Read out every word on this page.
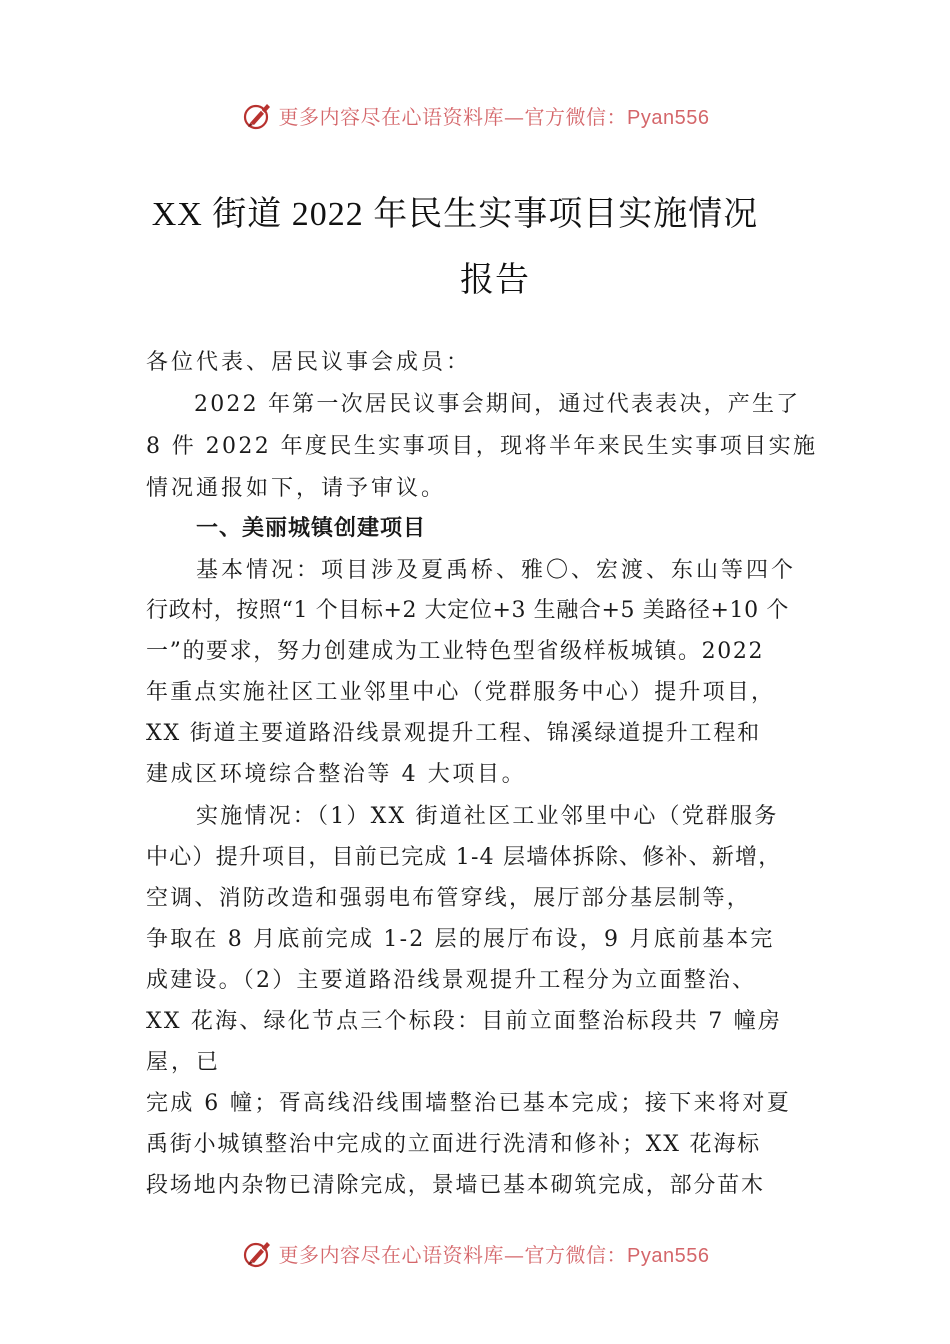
更多内容尽在心语资料库—官方微信：Pyan556
XX 街道 2022 年民生实事项目实施情况
报告
各位代表、居民议事会成员：
2022 年第一次居民议事会期间，通过代表表决，产生了
8 件 2022 年度民生实事项目，现将半年来民生实事项目实施
情况通报如下，请予审议。
一、美丽城镇创建项目
基本情况：项目涉及夏禹桥、雅〇、宏渡、东山等四个
行政村，按照“1 个目标+2 大定位+3 生融合+5 美路径+10 个
一”的要求，努力创建成为工业特色型省级样板城镇。2022
年重点实施社区工业邻里中心（党群服务中心）提升项目，
XX 街道主要道路沿线景观提升工程、锦溪绿道提升工程和
建成区环境综合整治等 4 大项目。
实施情况：（1）XX 街道社区工业邻里中心（党群服务
中心）提升项目，目前已完成 1-4 层墙体拆除、修补、新增，
空调、消防改造和强弱电布管穿线，展厅部分基层制等，
争取在 8 月底前完成 1-2 层的展厅布设，9 月底前基本完
成建设。（2）主要道路沿线景观提升工程分为立面整治、
XX 花海、绿化节点三个标段：目前立面整治标段共 7 幢房
屋，已
完成 6 幢；胥高线沿线围墙整治已基本完成；接下来将对夏
禹街小城镇整治中完成的立面进行洗清和修补；XX 花海标
段场地内杂物已清除完成，景墙已基本砌筑完成，部分苗木
更多内容尽在心语资料库—官方微信：Pyan556
